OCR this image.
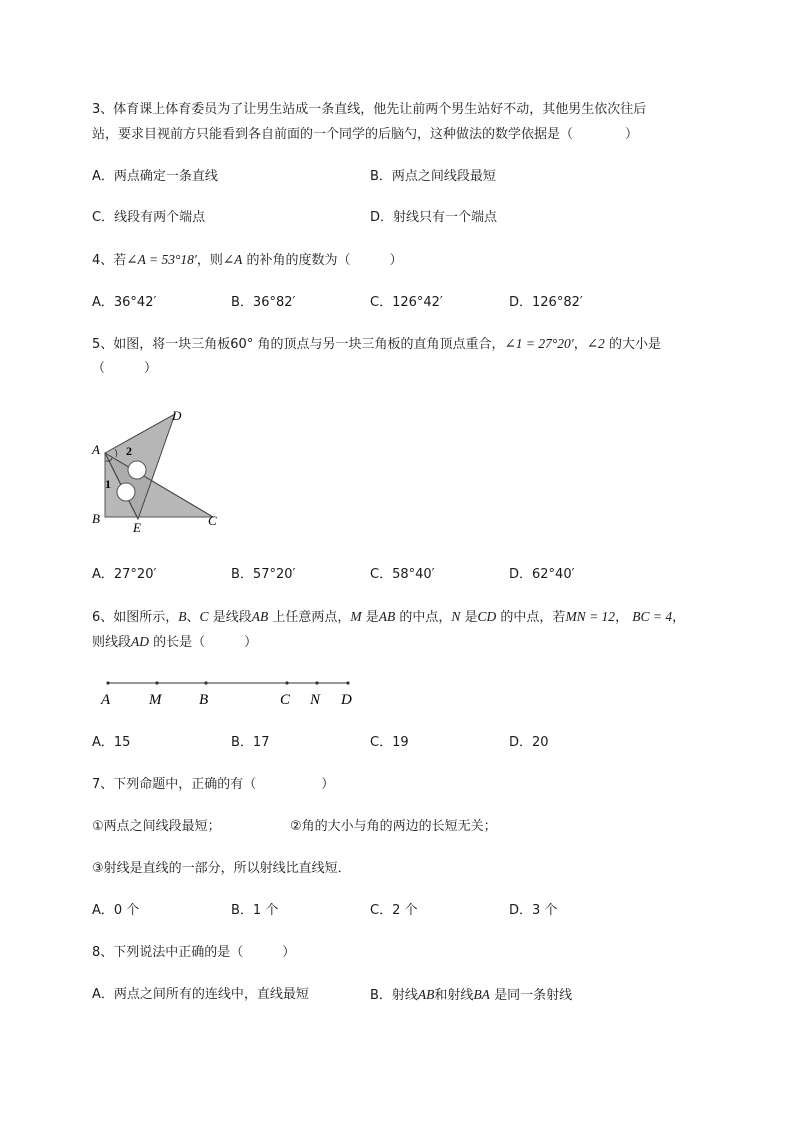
3、体育课上体育委员为了让男生站成一条直线，他先让前两个男生站好不动，其他男生依次往后
站，要求目视前方只能看到各自前面的一个同学的后脑勺，这种做法的数学依据是（　　　　）
A．两点确定一条直线	B．两点之间线段最短
C．线段有两个端点	D．射线只有一个端点
4、若∠A = 53°18′，则∠A 的补角的度数为（　　　）
A．36°42′	B．36°82′	C．126°42′	D．126°82′
5、如图，将一块三角板60° 角的顶点与另一块三角板的直角顶点重合，∠1 = 27°20′，∠2 的大小是
（　　　）
A
B	C
D
E
1
2
A．27°20′	B．57°20′	C．58°40′	D．62°40′
6、如图所示，B、C 是线段AB 上任意两点，M 是AB 的中点，N 是CD 的中点，若MN = 12， BC = 4，
则线段AD 的长是（　　　）
A	M	B	C N D
A．15	B．17	C．19	D．20
7、下列命题中，正确的有（　　　　　）
①两点之间线段最短；	②角的大小与角的两边的长短无关；
③射线是直线的一部分，所以射线比直线短．
A．0 个	B．1 个	C．2 个	D．3 个
8、下列说法中正确的是（　　　）
A．两点之间所有的连线中，直线最短	B．射线AB和射线BA 是同一条射线
